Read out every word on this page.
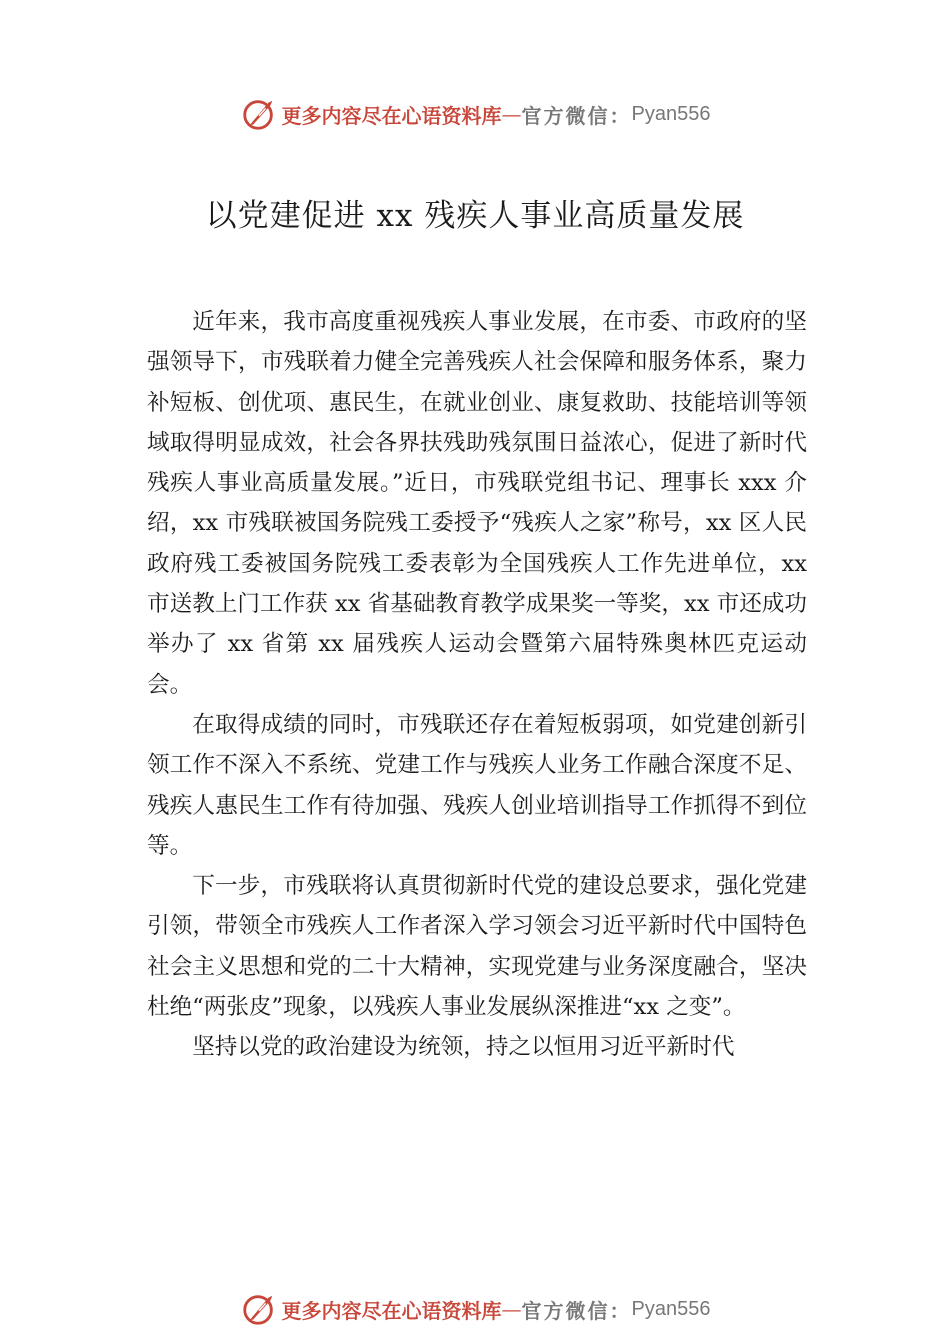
更多内容尽在心语资料库 — 官方微信： Pyan556
以党建促进 xx 残疾人事业高质量发展

近年来，我市高度重视残疾人事业发展，在市委、市政府的坚强领导下，市残联着力健全完善残疾人社会保障和服务体系，聚力补短板、创优项、惠民生，在就业创业、康复救助、技能培训等领域取得明显成效，社会各界扶残助残氛围日益浓心，促进了新时代残疾人事业高质量发展。”近日，市残联党组书记、理事长 xxx 介绍，xx 市残联被国务院残工委授予“残疾人之家”称号，xx 区人民政府残工委被国务院残工委表彰为全国残疾人工作先进单位，xx 市送教上门工作获 xx 省基础教育教学成果奖一等奖，xx 市还成功举办了 xx 省第 xx 届残疾人运动会暨第六届特殊奥林匹克运动会。

在取得成绩的同时，市残联还存在着短板弱项，如党建创新引领工作不深入不系统、党建工作与残疾人业务工作融合深度不足、残疾人惠民生工作有待加强、残疾人创业培训指导工作抓得不到位等。

下一步，市残联将认真贯彻新时代党的建设总要求，强化党建引领，带领全市残疾人工作者深入学习领会习近平新时代中国特色社会主义思想和党的二十大精神，实现党建与业务深度融合，坚决杜绝“两张皮”现象，以残疾人事业发展纵深推进“xx 之变”。

坚持以党的政治建设为统领，持之以恒用习近平新时代

更多内容尽在心语资料库 — 官方微信： Pyan556
